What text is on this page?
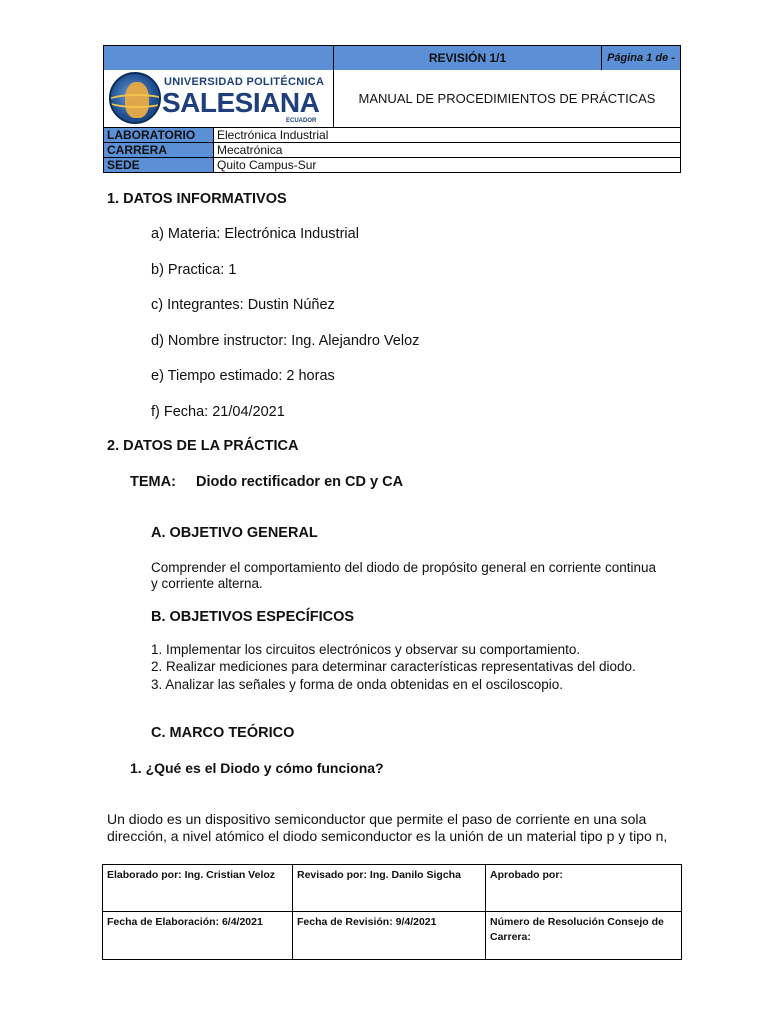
REVISIÓN 1/1	Página 1 de -
UNIVERSIDAD POLITÉCNICA
SALESIANA
ECUADOR
MANUAL DE PROCEDIMIENTOS DE PRÁCTICAS
LABORATORIO	Electrónica Industrial
CARRERA	Mecatrónica
SEDE	Quito Campus-Sur
1. DATOS INFORMATIVOS
a) Materia: Electrónica Industrial
b) Practica: 1
c) Integrantes: Dustin Núñez
d) Nombre instructor: Ing. Alejandro Veloz
e) Tiempo estimado: 2 horas
f) Fecha: 21/04/2021
2. DATOS DE LA PRÁCTICA
TEMA: Diodo rectificador en CD y CA
A. OBJETIVO GENERAL
Comprender el comportamiento del diodo de propósito general en corriente continua
y corriente alterna.
B. OBJETIVOS ESPECÍFICOS
1. Implementar los circuitos electrónicos y observar su comportamiento.
2. Realizar mediciones para determinar características representativas del diodo.
3. Analizar las señales y forma de onda obtenidas en el osciloscopio.
C. MARCO TEÓRICO
1. ¿Qué es el Diodo y cómo funciona?
Un diodo es un dispositivo semiconductor que permite el paso de corriente en una sola
dirección, a nivel atómico el diodo semiconductor es la unión de un material tipo p y tipo n,
Elaborado por: Ing. Cristian Veloz	Revisado por: Ing. Danilo Sigcha	Aprobado por:
Fecha de Elaboración: 6/4/2021	Fecha de Revisión: 9/4/2021	Número de Resolución Consejo de Carrera:
